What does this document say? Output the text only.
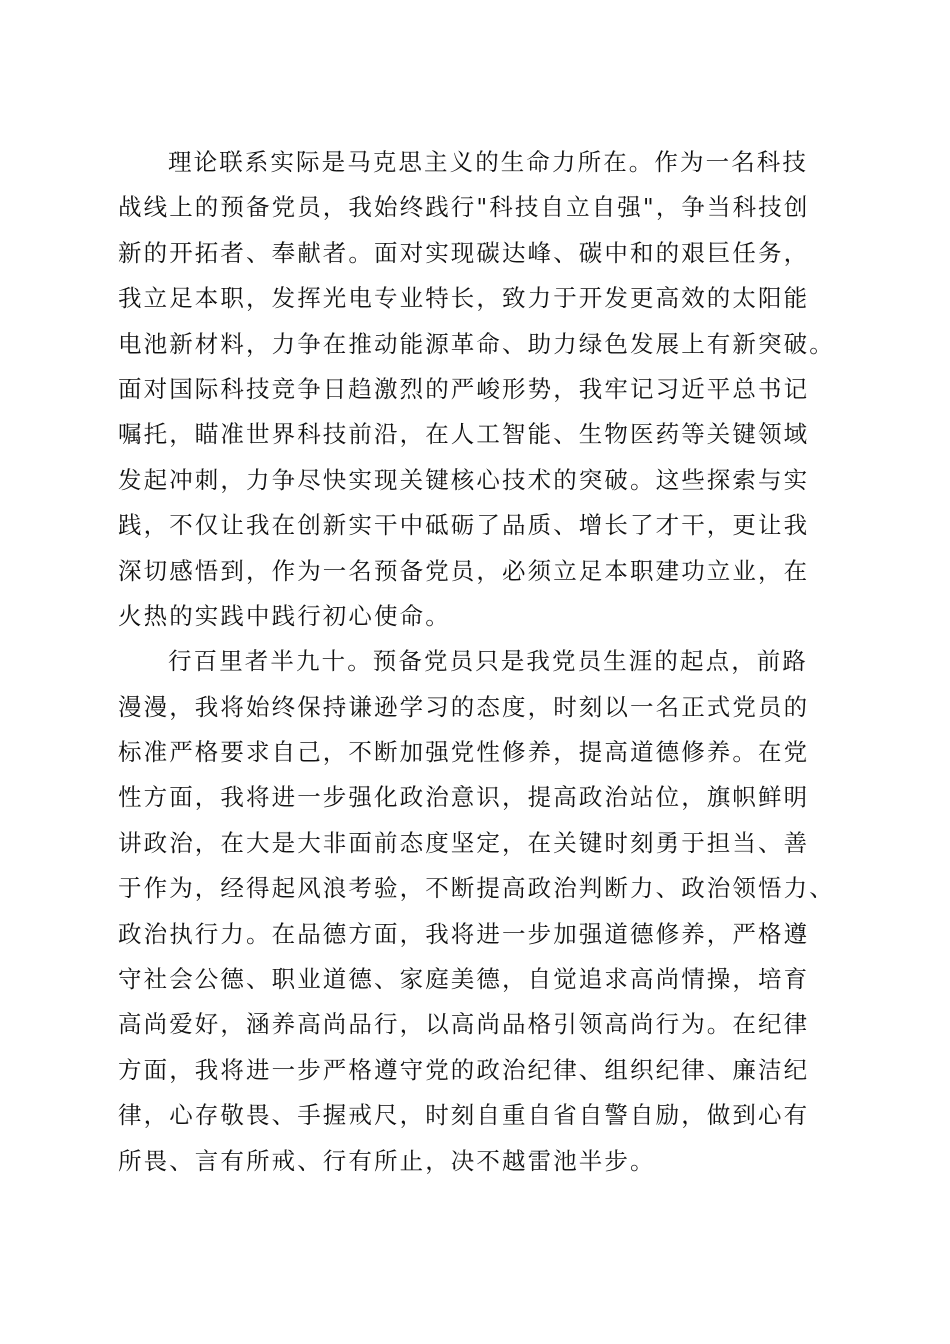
理论联系实际是马克思主义的生命力所在。作为一名科技
战线上的预备党员，我始终践行"科技自立自强"，争当科技创
新的开拓者、奉献者。面对实现碳达峰、碳中和的艰巨任务，
我立足本职，发挥光电专业特长，致力于开发更高效的太阳能
电池新材料，力争在推动能源革命、助力绿色发展上有新突破。
面对国际科技竞争日趋激烈的严峻形势，我牢记习近平总书记
嘱托，瞄准世界科技前沿，在人工智能、生物医药等关键领域
发起冲刺，力争尽快实现关键核心技术的突破。这些探索与实
践，不仅让我在创新实干中砥砺了品质、增长了才干，更让我
深切感悟到，作为一名预备党员，必须立足本职建功立业，在
火热的实践中践行初心使命。
行百里者半九十。预备党员只是我党员生涯的起点，前路
漫漫，我将始终保持谦逊学习的态度，时刻以一名正式党员的
标准严格要求自己，不断加强党性修养，提高道德修养。在党
性方面，我将进一步强化政治意识，提高政治站位，旗帜鲜明
讲政治，在大是大非面前态度坚定，在关键时刻勇于担当、善
于作为，经得起风浪考验，不断提高政治判断力、政治领悟力、
政治执行力。在品德方面，我将进一步加强道德修养，严格遵
守社会公德、职业道德、家庭美德，自觉追求高尚情操，培育
高尚爱好，涵养高尚品行，以高尚品格引领高尚行为。在纪律
方面，我将进一步严格遵守党的政治纪律、组织纪律、廉洁纪
律，心存敬畏、手握戒尺，时刻自重自省自警自励，做到心有
所畏、言有所戒、行有所止，决不越雷池半步。
